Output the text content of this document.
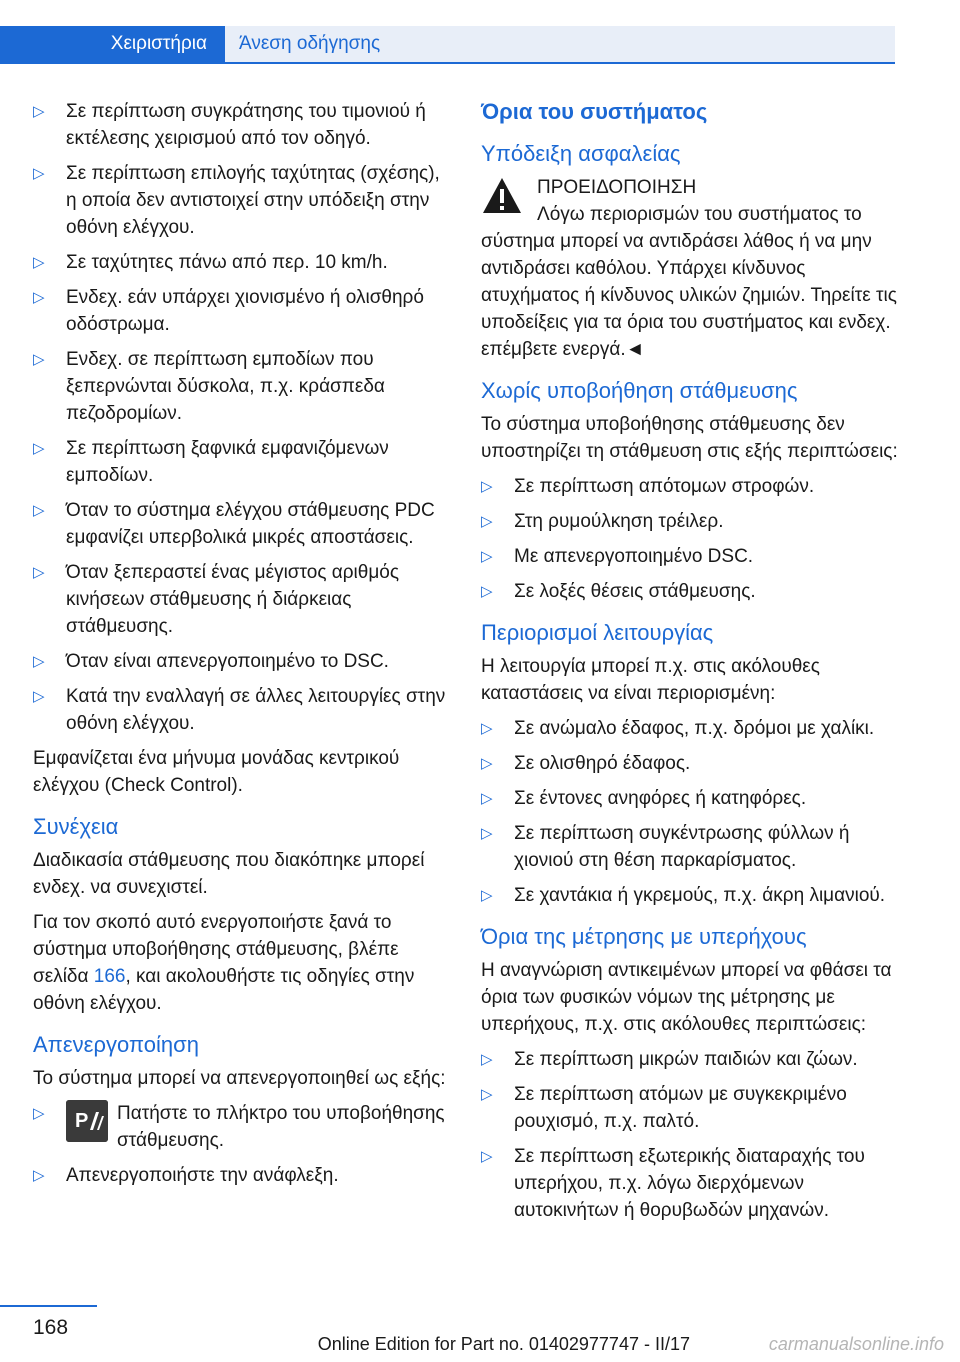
Χειριστήρια	Άνεση οδήγησης
▷ Σε περίπτωση συγκράτησης του τιμονιού ή εκτέλεσης χειρισμού από τον οδηγό.
▷ Σε περίπτωση επιλογής ταχύτητας (σχέσης), η οποία δεν αντιστοιχεί στην υπόδειξη στην οθόνη ελέγχου.
▷ Σε ταχύτητες πάνω από περ. 10 km/h.
▷ Ενδεχ. εάν υπάρχει χιονισμένο ή ολισθηρό οδόστρωμα.
▷ Ενδεχ. σε περίπτωση εμποδίων που ξεπερνώνται δύσκολα, π.χ. κράσπεδα πεζοδρομίων.
▷ Σε περίπτωση ξαφνικά εμφανιζόμενων εμποδίων.
▷ Όταν το σύστημα ελέγχου στάθμευσης PDC εμφανίζει υπερβολικά μικρές αποστάσεις.
▷ Όταν ξεπεραστεί ένας μέγιστος αριθμός κινήσεων στάθμευσης ή διάρκειας στάθμευσης.
▷ Όταν είναι απενεργοποιημένο το DSC.
▷ Κατά την εναλλαγή σε άλλες λειτουργίες στην οθόνη ελέγχου.

Εμφανίζεται ένα μήνυμα μονάδας κεντρικού ελέγχου (Check Control).

Συνέχεια

Διαδικασία στάθμευσης που διακόπηκε μπορεί ενδεχ. να συνεχιστεί.

Για τον σκοπό αυτό ενεργοποιήστε ξανά το σύστημα υποβοήθησης στάθμευσης, βλέπε σελίδα 166, και ακολουθήστε τις οδηγίες στην οθόνη ελέγχου.

Απενεργοποίηση

Το σύστημα μπορεί να απενεργοποιηθεί ως εξής:

▷ P Πατήστε το πλήκτρο του υποβοήθησης στάθμευσης.
▷ Απενεργοποιήστε την ανάφλεξη.
Όρια του συστήματος
Υπόδειξη ασφαλείας
ΠΡΟΕΙΔΟΠΟΙΗΣΗ
Λόγω περιορισμών του συστήματος το
σύστημα μπορεί να αντιδράσει λάθος ή να μην αντιδράσει καθόλου. Υπάρχει κίνδυνος ατυχήματος ή κίνδυνος υλικών ζημιών. Τηρείτε τις υποδείξεις για τα όρια του συστήματος και ενδεχ. επέμβετε ενεργά.◄
Χωρίς υποβοήθηση στάθμευσης

Το σύστημα υποβοήθησης στάθμευσης δεν υποστηρίζει τη στάθμευση στις εξής περιπτώσεις:

▷ Σε περίπτωση απότομων στροφών.
▷ Στη ρυμούλκηση τρέιλερ.
▷ Με απενεργοποιημένο DSC.
▷ Σε λοξές θέσεις στάθμευσης.
Περιορισμοί λειτουργίας

Η λειτουργία μπορεί π.χ. στις ακόλουθες καταστάσεις να είναι περιορισμένη:

▷ Σε ανώμαλο έδαφος, π.χ. δρόμοι με χαλίκι.
▷ Σε ολισθηρό έδαφος.
▷ Σε έντονες ανηφόρες ή κατηφόρες.
▷ Σε περίπτωση συγκέντρωσης φύλλων ή χιονιού στη θέση παρκαρίσματος.
▷ Σε χαντάκια ή γκρεμούς, π.χ. άκρη λιμανιού.
Όρια της μέτρησης με υπερήχους

Η αναγνώριση αντικειμένων μπορεί να φθάσει τα όρια των φυσικών νόμων της μέτρησης με υπερήχους, π.χ. στις ακόλουθες περιπτώσεις:

▷ Σε περίπτωση μικρών παιδιών και ζώων.
▷ Σε περίπτωση ατόμων με συγκεκριμένο ρουχισμό, π.χ. παλτό.
▷ Σε περίπτωση εξωτερικής διαταραχής του υπερήχου, π.χ. λόγω διερχόμενων αυτοκινήτων ή θορυβωδών μηχανών.
168
Online Edition for Part no. 01402977747 - II/17	carmanualsonline.info
